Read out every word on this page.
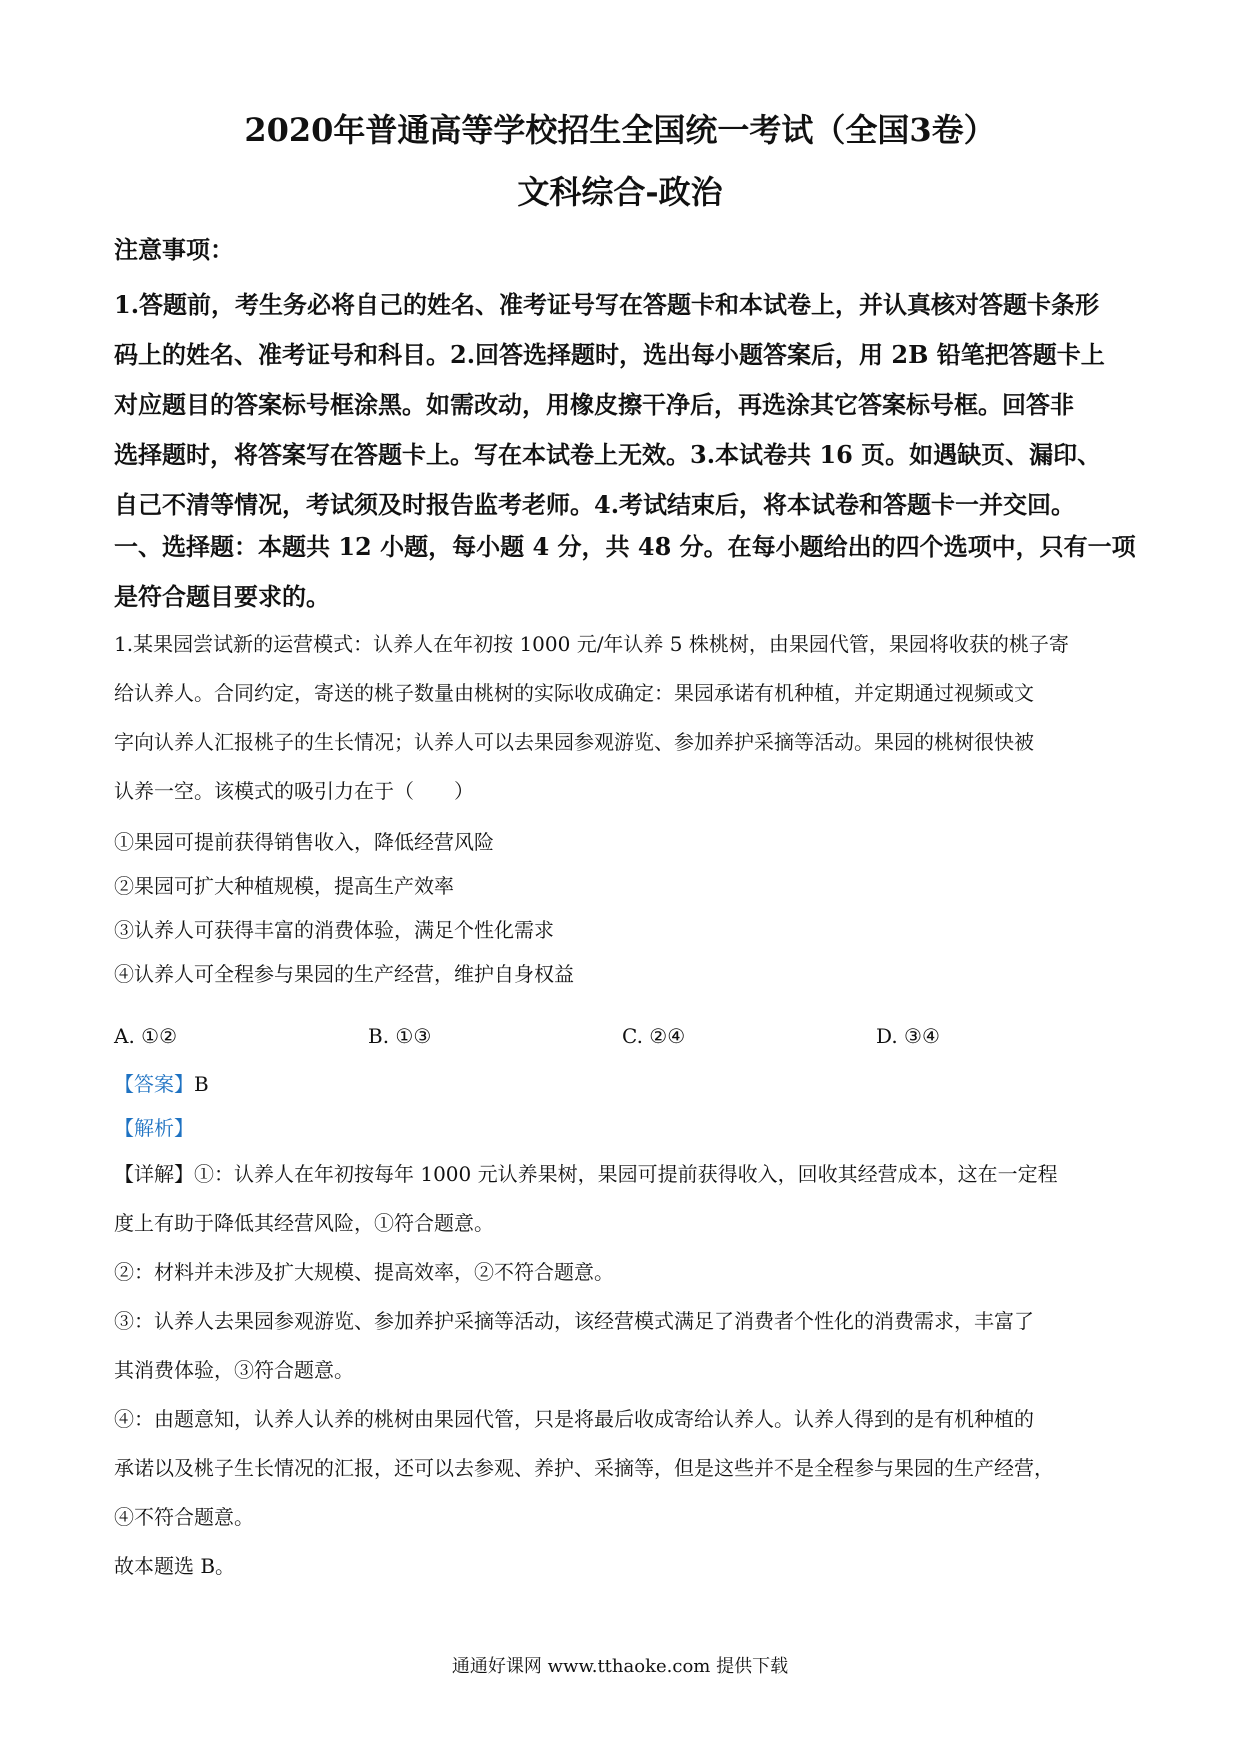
2020年普通高等学校招生全国统一考试（全国3卷）
文科综合-政治
注意事项：

1.答题前，考生务必将自己的姓名、准考证号写在答题卡和本试卷上，并认真核对答题卡条形

码上的姓名、准考证号和科目。2.回答选择题时，选出每小题答案后，用 2B 铅笔把答题卡上

对应题目的答案标号框涂黑。如需改动，用橡皮擦干净后，再选涂其它答案标号框。回答非

选择题时，将答案写在答题卡上。写在本试卷上无效。3.本试卷共 16 页。如遇缺页、漏印、

自己不清等情况，考试须及时报告监考老师。4.考试结束后，将本试卷和答题卡一并交回。

一、选择题：本题共 12 小题，每小题 4 分，共 48 分。在每小题给出的四个选项中，只有一项

是符合题目要求的。

1.某果园尝试新的运营模式：认养人在年初按 1000 元/年认养 5 株桃树，由果园代管，果园将收获的桃子寄

给认养人。合同约定，寄送的桃子数量由桃树的实际收成确定：果园承诺有机种植，并定期通过视频或文

字向认养人汇报桃子的生长情况；认养人可以去果园参观游览、参加养护采摘等活动。果园的桃树很快被

认养一空。该模式的吸引力在于（　　）

①果园可提前获得销售收入，降低经营风险
②果园可扩大种植规模，提高生产效率
③认养人可获得丰富的消费体验，满足个性化需求
④认养人可全程参与果园的生产经营，维护自身权益
A. ①②	B. ①③	C. ②④	D. ③④
【答案】B
【解析】

【详解】①：认养人在年初按每年 1000 元认养果树，果园可提前获得收入，回收其经营成本，这在一定程

度上有助于降低其经营风险，①符合题意。

②：材料并未涉及扩大规模、提高效率，②不符合题意。

③：认养人去果园参观游览、参加养护采摘等活动，该经营模式满足了消费者个性化的消费需求，丰富了

其消费体验，③符合题意。

④：由题意知，认养人认养的桃树由果园代管，只是将最后收成寄给认养人。认养人得到的是有机种植的

承诺以及桃子生长情况的汇报，还可以去参观、养护、采摘等，但是这些并不是全程参与果园的生产经营，

④不符合题意。

故本题选 B。

通通好课网 www.tthaoke.com 提供下载
